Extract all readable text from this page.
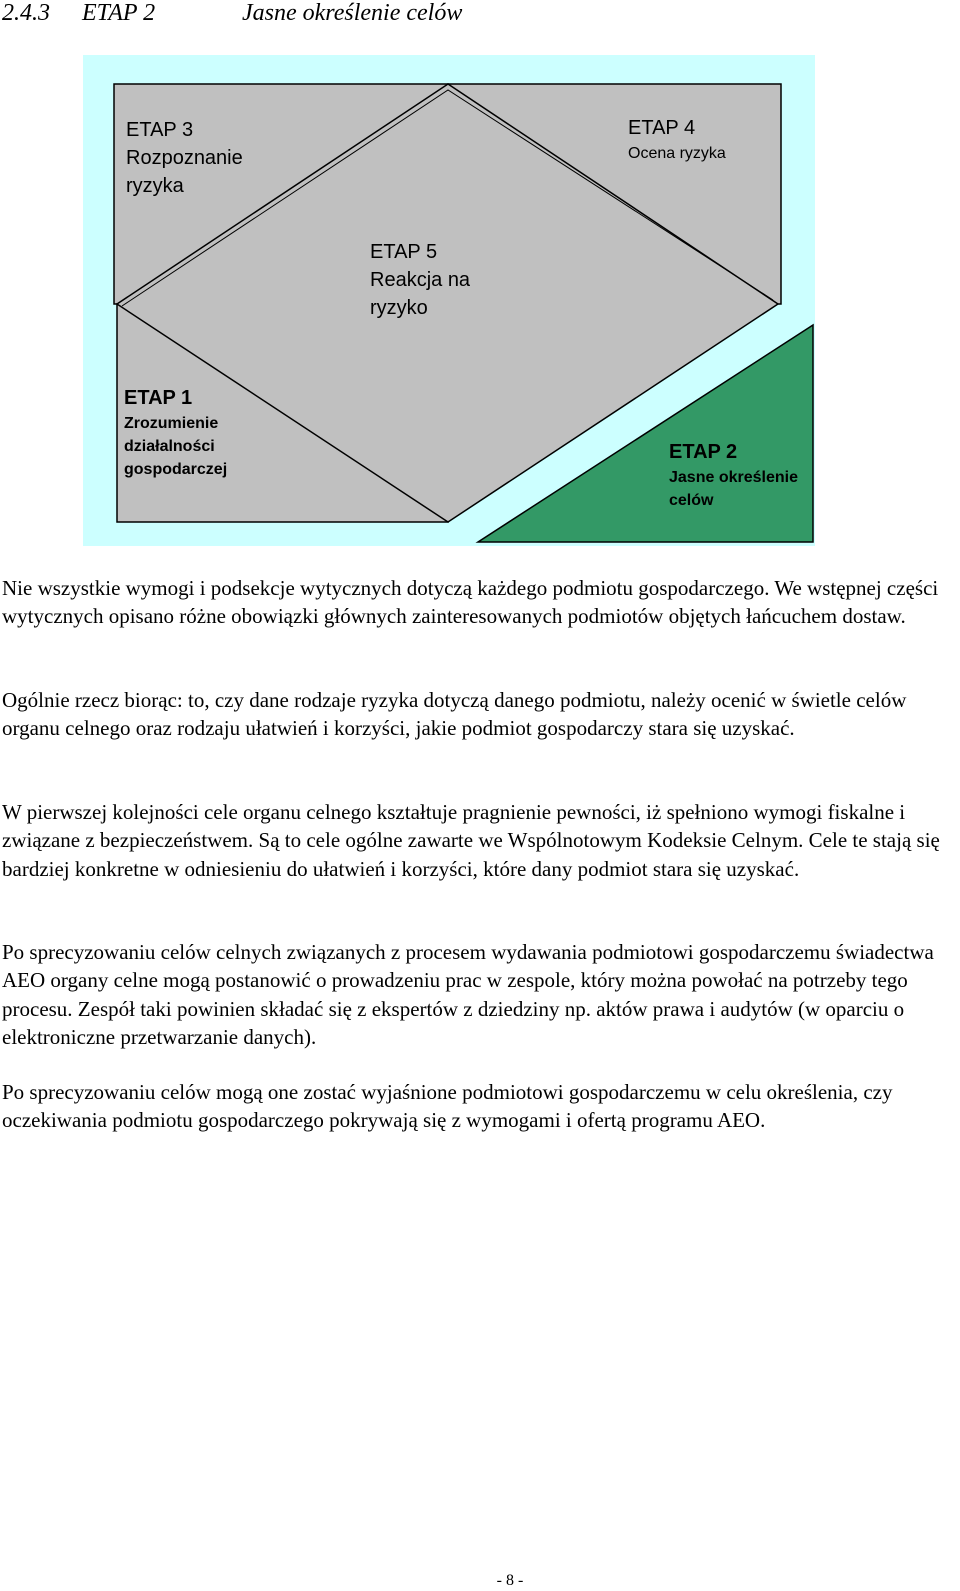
2.4.3 ETAP 2	Jasne określenie celów
ETAP 3
Rozpoznanie
ryzyka
ETAP 4
Ocena ryzyka
ETAP 5
Reakcja na
ryzyko
ETAP 1
Zrozumienie
działalności
gospodarczej
ETAP 2
Jasne określenie
celów

Nie wszystkie wymogi i podsekcje wytycznych dotyczą każdego podmiotu gospodarczego. We wstępnej części wytycznych opisano różne obowiązki głównych zainteresowanych podmiotów objętych łańcuchem dostaw.

Ogólnie rzecz biorąc: to, czy dane rodzaje ryzyka dotyczą danego podmiotu, należy ocenić w świetle celów organu celnego oraz rodzaju ułatwień i korzyści, jakie podmiot gospodarczy stara się uzyskać.

W pierwszej kolejności cele organu celnego kształtuje pragnienie pewności, iż spełniono wymogi fiskalne i związane z bezpieczeństwem. Są to cele ogólne zawarte we Wspólnotowym Kodeksie Celnym. Cele te stają się bardziej konkretne w odniesieniu do ułatwień i korzyści, które dany podmiot stara się uzyskać.

Po sprecyzowaniu celów celnych związanych z procesem wydawania podmiotowi gospodarczemu świadectwa AEO organy celne mogą postanowić o prowadzeniu prac w zespole, który można powołać na potrzeby tego procesu. Zespół taki powinien składać się z ekspertów z dziedziny np. aktów prawa i audytów (w oparciu o elektroniczne przetwarzanie danych).

Po sprecyzowaniu celów mogą one zostać wyjaśnione podmiotowi gospodarczemu w celu określenia, czy oczekiwania podmiotu gospodarczego pokrywają się z wymogami i ofertą programu AEO.

- 8 -
